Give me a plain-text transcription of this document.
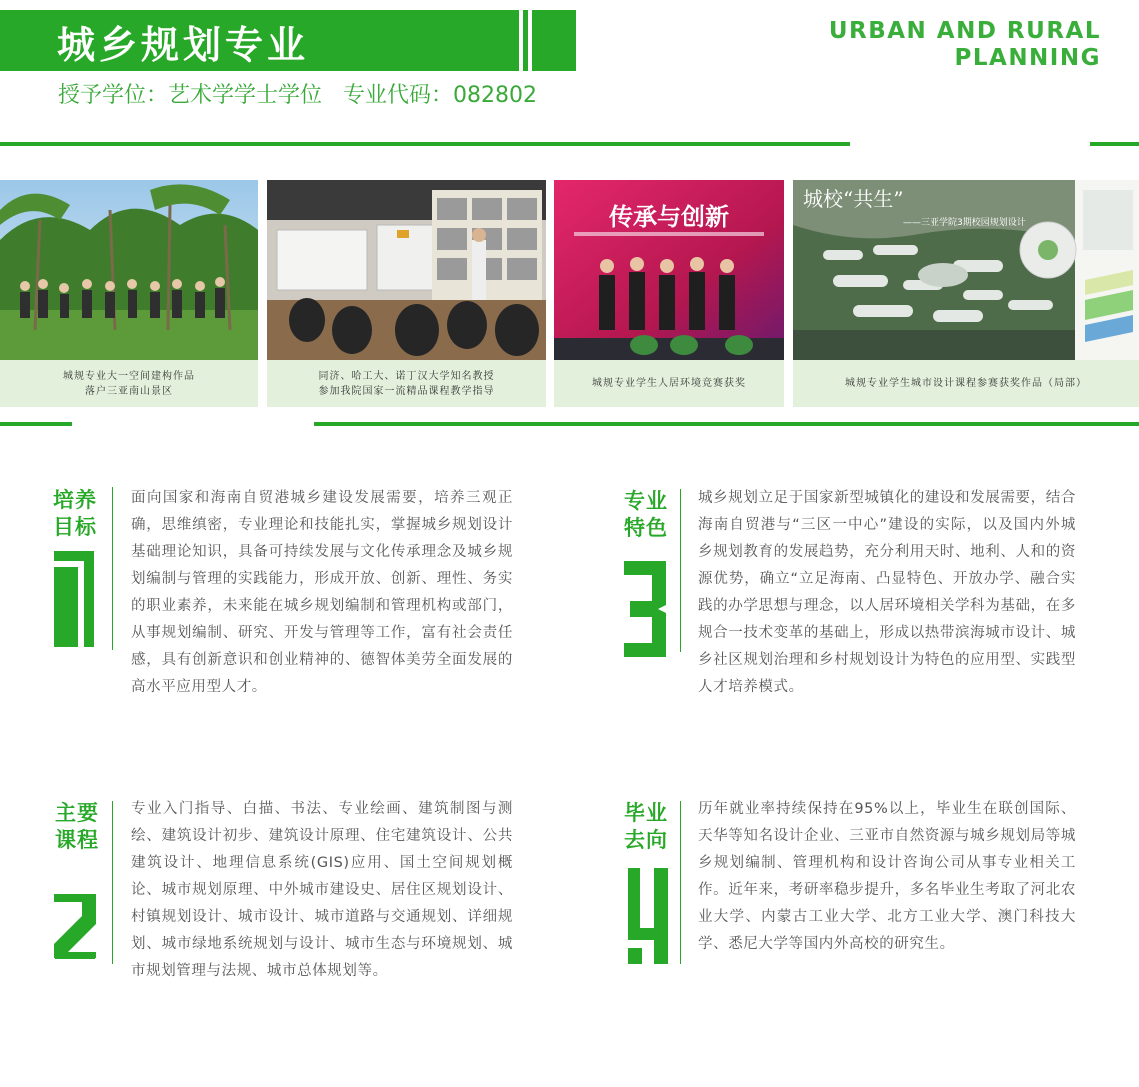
城乡规划专业
授予学位：艺术学学士学位   专业代码：082802
URBAN AND RURAL
PLANNING
城规专业大一空间建构作品
落户三亚南山景区
同济、哈工大、诺丁汉大学知名教授
参加我院国家一流精品课程教学指导
传承与创新
城规专业学生人居环境竞赛获奖
城校“共生”
——三亚学院3期校园规划设计
城规专业学生城市设计课程参赛获奖作品（局部）
培养
目标
面向国家和海南自贸港城乡建设发展需要，培养三观正确，思维缜密，专业理论和技能扎实，掌握城乡规划设计基础理论知识，具备可持续发展与文化传承理念及城乡规划编制与管理的实践能力，形成开放、创新、理性、务实的职业素养，未来能在城乡规划编制和管理机构或部门，从事规划编制、研究、开发与管理等工作，富有社会责任感，具有创新意识和创业精神的、德智体美劳全面发展的高水平应用型人才。
专业
特色
城乡规划立足于国家新型城镇化的建设和发展需要，结合海南自贸港与“三区一中心”建设的实际，以及国内外城乡规划教育的发展趋势，充分利用天时、地利、人和的资源优势，确立“立足海南、凸显特色、开放办学、融合实践的办学思想与理念，以人居环境相关学科为基础，在多规合一技术变革的基础上，形成以热带滨海城市设计、城乡社区规划治理和乡村规划设计为特色的应用型、实践型人才培养模式。
主要
课程
专业入门指导、白描、书法、专业绘画、建筑制图与测绘、建筑设计初步、建筑设计原理、住宅建筑设计、公共建筑设计、地理信息系统(GIS)应用、国土空间规划概论、城市规划原理、中外城市建设史、居住区规划设计、村镇规划设计、城市设计、城市道路与交通规划、详细规划、城市绿地系统规划与设计、城市生态与环境规划、城市规划管理与法规、城市总体规划等。
毕业
去向
历年就业率持续保持在95%以上，毕业生在联创国际、天华等知名设计企业、三亚市自然资源与城乡规划局等城乡规划编制、管理机构和设计咨询公司从事专业相关工作。近年来，考研率稳步提升，多名毕业生考取了河北农业大学、内蒙古工业大学、北方工业大学、澳门科技大学、悉尼大学等国内外高校的研究生。
